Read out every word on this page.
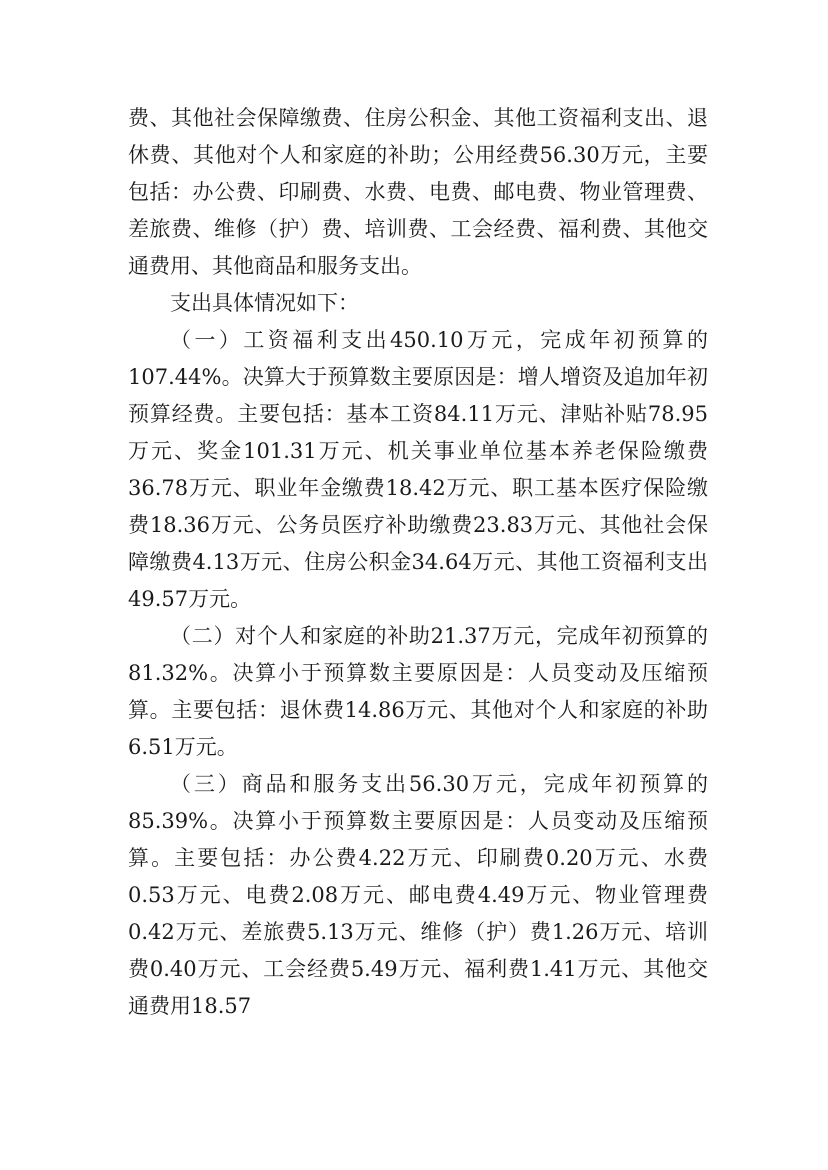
费、其他社会保障缴费、住房公积金、其他工资福利支出、退休费、其他对个人和家庭的补助；公用经费56.30万元，主要包括：办公费、印刷费、水费、电费、邮电费、物业管理费、差旅费、维修（护）费、培训费、工会经费、福利费、其他交通费用、其他商品和服务支出。

支出具体情况如下：

（一）工资福利支出450.10万元，完成年初预算的107.44%。决算大于预算数主要原因是：增人增资及追加年初预算经费。主要包括：基本工资84.11万元、津贴补贴78.95万元、奖金101.31万元、机关事业单位基本养老保险缴费36.78万元、职业年金缴费18.42万元、职工基本医疗保险缴费18.36万元、公务员医疗补助缴费23.83万元、其他社会保障缴费4.13万元、住房公积金34.64万元、其他工资福利支出49.57万元。

（二）对个人和家庭的补助21.37万元，完成年初预算的81.32%。决算小于预算数主要原因是：人员变动及压缩预算。主要包括：退休费14.86万元、其他对个人和家庭的补助6.51万元。

（三）商品和服务支出56.30万元，完成年初预算的85.39%。决算小于预算数主要原因是：人员变动及压缩预算。主要包括：办公费4.22万元、印刷费0.20万元、水费0.53万元、电费2.08万元、邮电费4.49万元、物业管理费0.42万元、差旅费5.13万元、维修（护）费1.26万元、培训费0.40万元、工会经费5.49万元、福利费1.41万元、其他交通费用18.57
